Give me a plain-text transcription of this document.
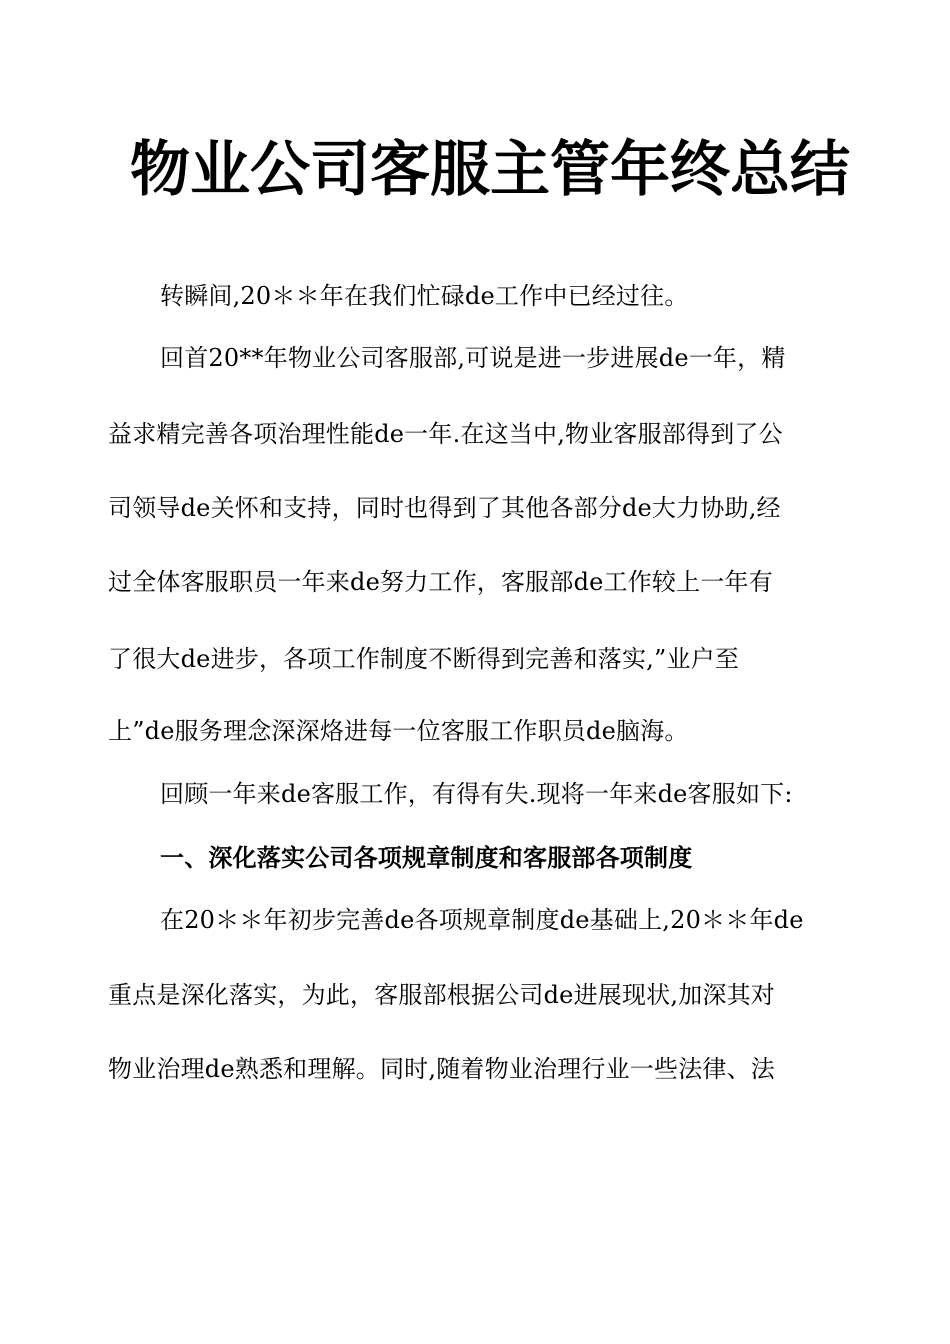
物业公司客服主管年终总结
转瞬间,20＊＊年在我们忙碌de工作中已经过往。
回首20**年物业公司客服部,可说是进一步进展de一年，精
益求精完善各项治理性能de一年.在这当中,物业客服部得到了公
司领导de关怀和支持，同时也得到了其他各部分de大力协助,经
过全体客服职员一年来de努力工作，客服部de工作较上一年有
了很大de进步，各项工作制度不断得到完善和落实,”业户至
上”de服务理念深深烙进每一位客服工作职员de脑海。
回顾一年来de客服工作，有得有失.现将一年来de客服如下:
一、深化落实公司各项规章制度和客服部各项制度
在20＊＊年初步完善de各项规章制度de基础上,20＊＊年de
重点是深化落实，为此，客服部根据公司de进展现状,加深其对
物业治理de熟悉和理解。同时,随着物业治理行业一些法律、法
